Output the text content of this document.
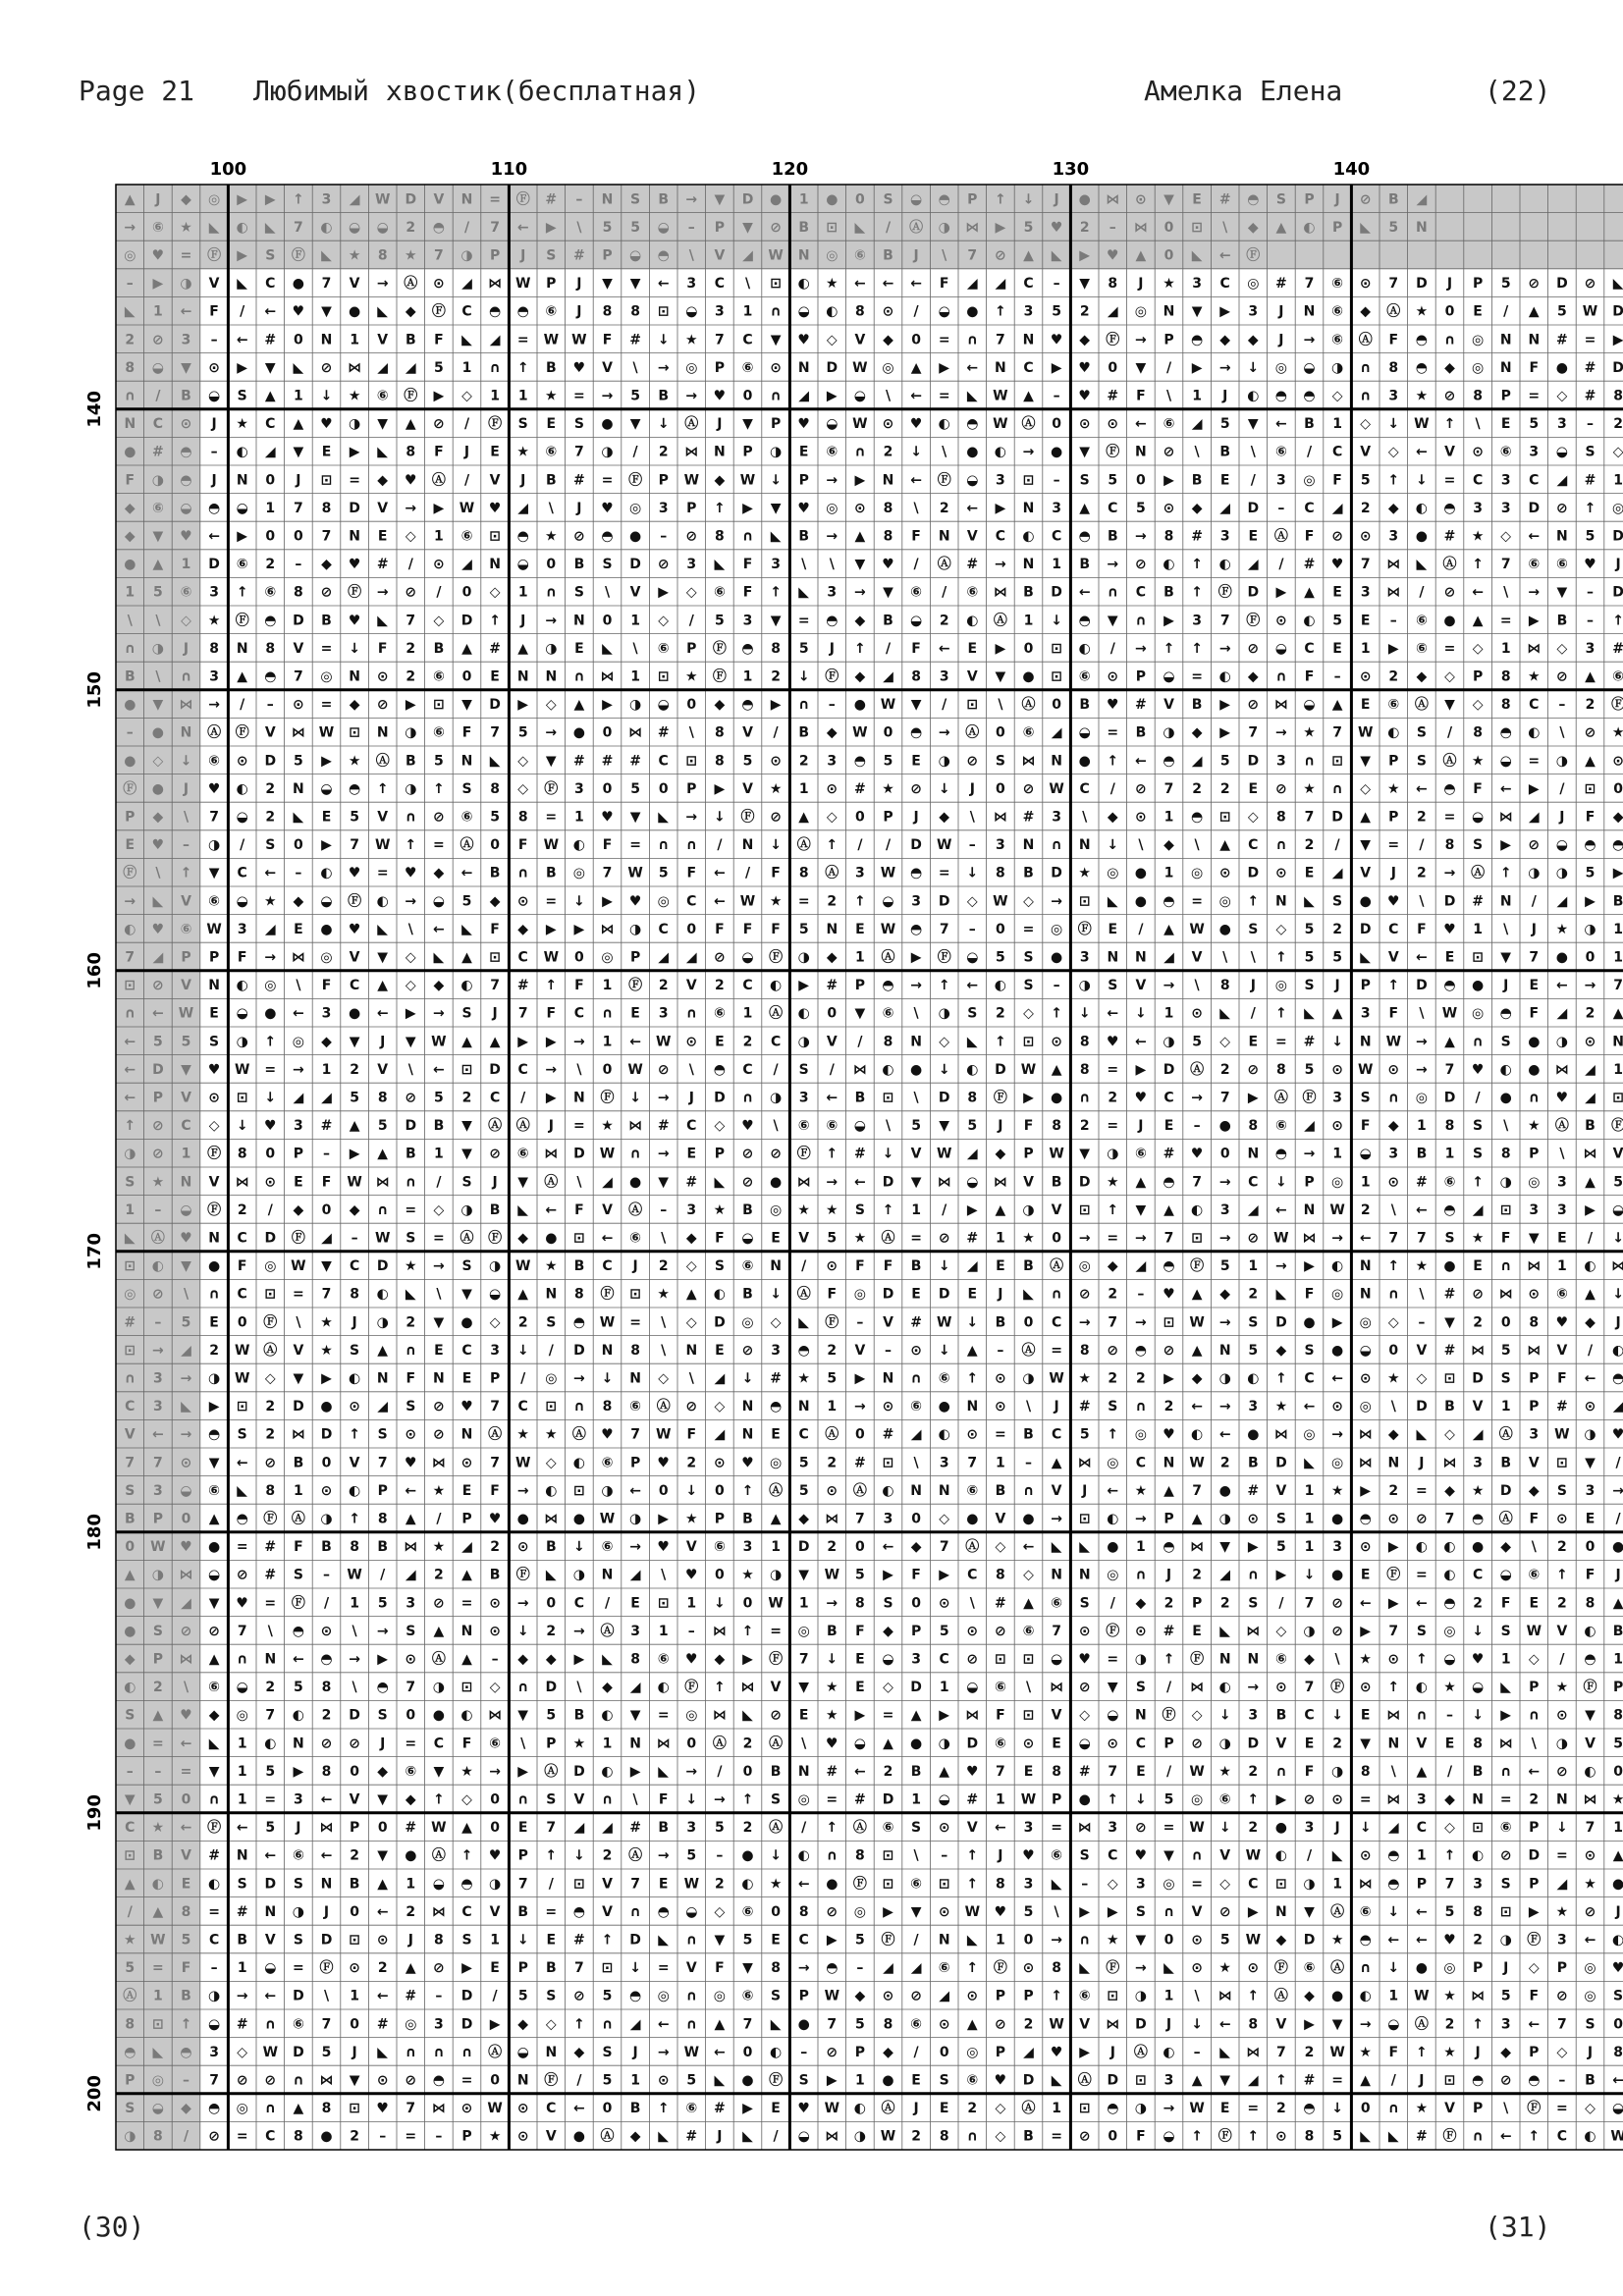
Page 21 Любимый хвостик(бесплатная)	Амелка Елена	(22)
▲ J ◆ ◎ ▶ ▶ ↑ 3 ◢ W D V N = Ⓕ # – N S B → ▼ D ● 1 ● 0 S ◒ ◓ P ↑ ↓ J ● ⋈ ⊙ ▼ E # ◓ S P J ⊘ B ◢
→ ⑥ ★ ◣ ◐ ◣ 7 ◐ ◒ ◒ 2 ◓ / 7 ← ▶ \ 5 5 ◒ – P ▼ ⊘ B ⊡ ◣ / Ⓐ ◑ ⋈ ▶ 5 ♥ 2 – ⋈ 0 ⊡ \ ◆ ▲ ◐ P ◣ 5 N
◎ ♥ = Ⓕ ▶ S Ⓕ ◣ ★ 8 ★ 7 ◑ P J S # P ◒ ◓ \ V ◢ W N ◎ ⑥ B J \ 7 ⊘ ▲ ◣ ▶ ♥ ▲ 0 ◣ ← Ⓕ
– ▶ ◑ V ◣ C ● 7 V → Ⓐ ⊙ ◢ ⋈ W P J ▼ ▼ ← 3 C \ ⊡ ◐ ★ ← ← ← F ◢ ◢ C – ▼ 8 J ★ 3 C ◎ # 7 ⑥ ⊙ 7 D J P 5 ⊘ D ⊘ ◣
◣ 1 ← F / ← ♥ ▼ ● ◣ ◆ Ⓕ C ◓ ◓ ⑥ J 8 8 ⊡ ◒ 3 1 ∩ ◒ ◐ 8 ⊙ / ◒ ● ↑ 3 5 2 ◢ ◎ N ▼ ▶ 3 J N ⑥ ◆ Ⓐ ★ 0 E / ▲ 5 W D
2 ⊘ 3 – ← # 0 N 1 V B F ◣ ◢ = W W F # ↓ ★ 7 C ▼ ♥ ◇ V ◆ 0 = ∩ 7 N ♥ ◆ Ⓕ → P ◓ ◆ ◆ J → ⑥ Ⓐ F ◓ ∩ ◎ N N # = ▶
8 ◒ ▼ ⊙ ▶ ▼ ◣ ⊘ ⋈ ◢ ◢ 5 1 ∩ ↑ B ♥ V \ → ◎ P ⑥ ⊙ N D W ◎ ▲ ▶ ← N C ▶ ♥ 0 ▼ / ▶ → ↓ ◎ ◒ ◑ ∩ 8 ◓ ◆ ◎ N F ● # D
∩ / B ◒ S ▲ 1 ↓ ★ ⑥ Ⓕ ▶ ◇ 1 1 ★ = → 5 B → ♥ 0 ∩ ◢ ▶ ◒ \ ← = ◣ W ▲ – ♥ # F \ 1 J ◐ ◓ ◓ ◇ ∩ 3 ★ ⊘ 8 P = ◇ # 8
N C ⊙ J ★ C ▲ ♥ ◑ ▼ ▲ ⊘ / Ⓕ S E S ● ▼ ↓ Ⓐ J ▼ P ♥ ◒ W ⊙ ♥ ◐ ◓ W Ⓐ 0 ⊙ ⊙ ← ⑥ ◢ 5 ▼ ← B 1 ◇ ↓ W ↑ \ E 5 3 – 2
● # ◓ – ◐ ◢ ▼ E ▶ ◣ 8 F J E ★ ⑥ 7 ◑ / 2 ⋈ N P ◑ E ⑥ ∩ 2 ↓ \ ● ◐ → ● ▼ Ⓕ N ⊘ \ B \ ⑥ / C V ◇ ← V ⊙ ⑥ 3 ◒ S ◇
F ◑ ◓ J N 0 J ⊡ = ◆ ♥ Ⓐ / V J B # = Ⓕ P W ◆ W ↓ P → ▶ N ← Ⓕ ◒ 3 ⊡ – S 5 0 ▶ B E / 3 ◎ F 5 ↑ ↓ = C 3 C ◢ # 1
◆ ⑥ ◒ ◓ ◒ 1 7 8 D V → ▶ W ♥ ◢ \ J ♥ ◎ 3 P ↑ ▶ ▼ ♥ ◎ ⊙ 8 \ 2 ← ▶ N 3 ▲ C 5 ⊙ ◆ ◢ D – C ◢ 2 ◆ ◐ ◓ 3 3 D ⊘ ↑ ◎
◆ ▼ ♥ ← ▶ 0 0 7 N E ◇ 1 ⑥ ⊡ ◓ ★ ⊘ ◓ ● – ⊘ 8 ∩ ◣ B → ▲ 8 F N V C ◐ C ◓ B → 8 # 3 E Ⓐ F ⊘ ⊙ 3 ● # ★ ◇ ← N 5 D
● ▲ 1 D ⑥ 2 – ◆ ♥ # / ⊙ ◢ N ◒ 0 B S D ⊘ 3 ◣ F 3 \ \ ▼ ♥ / Ⓐ # → N 1 B → ⊘ ◐ ↑ ◐ ◢ / # ♥ 7 ⋈ ◣ Ⓐ ↑ 7 ⑥ ⑥ ♥ J
1 5 ⑥ 3 ↑ ⑥ 8 ⊘ Ⓕ → ⊘ / 0 ◇ 1 ∩ S \ V ▶ ◇ ⑥ F ↑ ◣ 3 → ▼ ⑥ / ⑥ ⋈ B D ← ∩ C B ↑ Ⓕ D ▶ ▲ E 3 ⋈ / ⊘ ← \ → ▼ – D
\ \ ◇ ★ Ⓕ ◓ D B ♥ ◣ 7 ◇ D ↑ J → N 0 1 ◇ / 5 3 ▼ = ◓ ◆ B ◒ 2 ◐ Ⓐ 1 ↓ ◓ ▼ ∩ ▶ 3 7 Ⓕ ⊙ ◐ 5 E – ⑥ ● ▲ = ▶ B – ↑
∩ ◑ J 8 N 8 V = ↓ F 2 B ▲ # ▲ ◑ E ◣ \ ⑥ P Ⓕ ◓ 8 5 J ↑ / F ← E ▶ 0 ⊡ ◐ / → ↑ ↑ → ⊘ ◒ C E 1 ▶ ⑥ = ◇ 1 ⋈ ◇ 3 #
B \ ∩ 3 ▲ ◓ 7 ◎ N ⊙ 2 ⑥ 0 E N N ∩ ⋈ 1 ⊡ ★ Ⓕ 1 2 ↓ Ⓕ ◆ ◢ 8 3 V ▼ ● ⊡ ⑥ ⊙ P ◒ = ◐ ◆ ∩ F – ⊙ 2 ◆ ◇ P 8 ★ ⊘ ▲ ⑥
● ▼ ⋈ → / – ⊙ = ◆ ⊘ ▶ ⊡ ▼ D ▶ ◇ ▲ ▶ ◑ ◒ 0 ◆ ◓ ▶ ∩ – ● W ▼ / ⊡ \ Ⓐ 0 B ♥ # V B ▶ ⊘ ⋈ ◒ ▲ E ⑥ Ⓐ ▼ ◇ 8 C – 2 Ⓕ
– ● N Ⓐ Ⓕ V ⋈ W ⊡ N ◑ ⑥ F 7 5 → ● 0 ⋈ # \ 8 V / B ◆ W 0 ◓ → Ⓐ 0 ⑥ ◢ ◒ = B ◑ ◆ ▶ 7 → ★ 7 W ◐ S / 8 ◓ ◐ \ ⊘ ★
● ◇ ↓ ⑥ ⊙ D 5 ▶ ★ Ⓐ B 5 N ◣ ◇ ▼ # # # C ⊡ 8 5 ⊙ 2 3 ◓ 5 E ◑ ⊘ S ⋈ N ● ↑ ← ◓ ◢ 5 D 3 ∩ ⊡ ▼ P S Ⓐ ★ ◒ = ◑ ▲ ⊙
Ⓕ ● J ♥ ◐ 2 N ◒ ◓ ↑ ◑ ↑ S 8 ◇ Ⓕ 3 0 5 0 P ▶ V ★ 1 ⊙ # ★ ⊘ ↓ J 0 ⊘ W C / ⊘ 7 2 2 E ⊘ ★ ∩ ◇ ★ ← ◓ F ← ▶ / ⊡ 0
P ◆ \ 7 ◒ 2 ◣ E 5 V ∩ ⊘ ⑥ 5 8 = 1 ♥ ▼ ◣ → ↓ Ⓕ ⊘ ▲ ◇ 0 P J ◆ \ ⋈ # 3 \ ◆ ⊙ 1 ◓ ⊡ ◇ 8 7 D ▲ P 2 = ◒ ⋈ ◢ J F ◆
E ♥ – ◑ / S 0 ▶ 7 W ↑ = Ⓐ 0 F W ◐ F = ∩ ∩ / N ↓ Ⓐ ↑ / / D W – 3 N ∩ N ↓ \ ◆ \ ▲ C ∩ 2 / ▼ = / 8 S ▶ ⊘ ◒ ◓ ◓
Ⓕ \ ↑ ▼ C ← – ◐ ♥ = ♥ ◆ ← B ∩ B ◎ 7 W 5 F ← / F 8 Ⓐ 3 W ◓ = ↓ 8 B D ★ ◎ ● 1 ◎ ⊙ D ⊙ E ◢ V J 2 → Ⓐ ↑ ◑ ◑ 5 ▶
→ ◣ V ⑥ ◒ ★ ◆ ◒ Ⓕ ◐ → ◒ 5 ◆ ⊙ = ↓ ▶ ♥ ◎ C ← W ★ = 2 ↑ ◒ 3 D ◇ W ◇ → ⊡ ◣ ● ◓ = ◎ ↑ N ◣ S ● ♥ \ D # N / ◢ ▶ B
◐ ♥ ⑥ W 3 ◢ E ● ♥ ◣ \ ← ◣ F ◆ ▶ ▶ ⋈ ◑ C 0 F F F 5 N E W ◓ 7 – 0 = ◎ Ⓕ E / ▲ W ● S ◇ 5 2 D C F ♥ 1 \ J ★ ◑ 1
7 ◢ P P F → ⋈ ◎ V ▼ ◇ ◣ ▲ ⊡ C W 0 ◎ P ◢ ◢ ⊘ ◒ Ⓕ ◑ ◆ 1 Ⓐ ▶ Ⓕ ◒ 5 S ● 3 N N ◢ V \ \ ↑ 5 5 ◣ V ← E ⊡ ▼ 7 ● 0 1
⊡ ⊘ V N ◐ ◎ \ F C ▲ ◇ ◆ ◐ 7 # ↑ F 1 Ⓕ 2 V 2 C ◐ ▶ # P ◓ → ↑ ← ◐ S – ◑ S V → \ 8 J ◎ S J P ↑ D ◓ ● J E ← → 7
∩ ← W E ◒ ● ← 3 ● ← ▶ → S J 7 F C ∩ E 3 ∩ ⑥ 1 Ⓐ ◐ 0 ▼ ⑥ \ ◑ S 2 ◇ ↑ ↓ ← ↓ 1 ⊙ ◣ / ↑ ◣ ▲ 3 F \ W ◎ ◓ F ◢ 2 ▲
← 5 5 S ◑ ↑ ◎ ◆ ▼ J ▼ W ▲ ▲ ▶ ▶ → 1 ← W ⊙ E 2 C ◑ V / 8 N ◇ ◣ ↑ ⊡ ⊙ 8 ♥ ← ◑ 5 ◇ E = # ↓ N W → ▲ ∩ S ● ◑ ⊙ N
← D ▼ ♥ W = → 1 2 V \ ← ⊡ D C → \ 0 W ⊘ \ ◓ C / S / ⋈ ◐ ● ↓ ◐ D W ▲ 8 = ▶ D Ⓐ 2 ⊘ 8 5 ⊙ W ⊙ → 7 ♥ ◐ ● ⋈ ◢ 1
← P V ⊙ ⊡ ↓ ◢ ◢ 5 8 ⊘ 5 2 C / ▶ N Ⓕ ↓ → J D ∩ ◑ 3 ← B ⊡ \ D 8 Ⓕ ▶ ● ∩ 2 ♥ C → 7 ▶ Ⓐ Ⓕ 3 S ∩ ◎ D / ● ∩ ♥ ◢ ⊡
↑ ⊘ C ◇ ↓ ♥ 3 # ▲ 5 D B ▼ Ⓐ Ⓐ J = ★ ⋈ # C ◇ ♥ \ ⑥ ⑥ ◒ \ 5 ▼ 5 J F 8 2 = J E – ● 8 ⑥ ◢ ⊙ F ◆ 1 8 S \ ★ Ⓐ B Ⓕ
◑ ⊘ 1 Ⓕ 8 0 P – ▶ ▲ B 1 ▼ ⊘ ⑥ ⋈ D W ∩ → E P ⊘ ⊘ Ⓕ ↑ # ↓ V W ◢ ◆ P W ▼ ◑ ⑥ # ♥ 0 N ◓ → 1 ◒ 3 B 1 S 8 P \ ⋈ V
S ★ N V ⋈ ⊙ E F W ⋈ ∩ / S J ▼ Ⓐ \ ◢ ● ▼ # ◣ ⊘ ● ⋈ → ← D ▼ ⋈ ◒ ⋈ V B D ★ ▲ ◓ 7 → C ↓ P ◎ 1 ⊙ # ⑥ ↑ ◑ ◎ 3 ▲ 5
1 – ◒ Ⓕ 2 / ◆ 0 ◆ ∩ = ◇ ◑ B ◣ ← F V Ⓐ – 3 ★ B ◎ ★ ★ S ↑ 1 / ▶ ▲ ◑ V ⊡ ↑ ▼ ▲ ◐ 3 ◢ ← N W 2 \ ← ◓ ◢ ⊡ 3 3 ▶ ◒
◣ Ⓐ ♥ N C D Ⓕ ◢ – W S = Ⓐ Ⓕ ◆ ● ⊡ ← ⑥ \ ◆ F ◒ E V 5 ★ Ⓐ = ⊘ # 1 ★ 0 → = → 7 ⊡ → ⊘ W ⋈ → ← 7 7 S ★ F ▼ E / ↓
⊡ ◐ ▼ ● F ◎ W ▼ C D ★ → S ◑ W ★ B C J 2 ◇ S ⑥ N / ⊙ F F B ↓ ◢ E B Ⓐ ◎ ◆ ◢ ◓ Ⓕ 5 1 → ▶ ◐ N ↑ ★ ● E ∩ ⋈ 1 ◐ ⋈
◎ ⊘ \ ∩ C ⊡ = 7 8 ◐ ◣ \ ▼ ◒ ▲ N 8 Ⓕ ⊡ ★ ▲ ◐ B ↓ Ⓐ F ◎ D E D E J ◣ ∩ ⊘ 2 – ♥ ▲ ◆ 2 ◣ F ◎ N ∩ \ # ⊘ ⋈ ⊙ ⑥ ▲ ↓
# – 5 E 0 Ⓕ \ ★ J ◑ 2 ▼ ● ◇ 2 S ◓ W = \ ◇ D ◎ ◇ ◣ Ⓕ – V # W ↓ B 0 C → 7 → ⊡ W → S D ● ▶ ◎ ◇ – ▼ 2 0 8 ♥ ◆ J
⊡ → ◢ 2 W Ⓐ V ★ S ▲ ∩ E C 3 ↓ / D N 8 \ N E ⊘ 3 ◓ 2 V – ⊙ ↓ ▲ – Ⓐ = 8 ⊘ ◓ ⊘ ▲ N 5 ◆ S ● ◒ 0 V # ⋈ 5 ⋈ V / ◐
∩ 3 → ◑ W ◇ ▼ ▶ ◐ N F N E P / ◎ → ↓ N ◇ \ ◢ ↓ # ★ 5 ▶ N ∩ ⑥ ↑ ⊙ ◑ W ★ 2 2 ▶ ◆ ◑ ◐ ↑ C ← ⊙ ★ ◇ ⊡ D S P F ← ◓
C 3 ◣ ▶ ⊡ 2 D ● ⊙ ◢ S ⊘ ♥ 7 C ⊡ ∩ 8 ⑥ Ⓐ ⊘ ◇ N ◓ N 1 → ⊙ ⑥ ● N ⊙ \ J # S ∩ 2 ← → 3 ★ ← ⊙ ◎ \ D B V 1 P # ⊙ ◢
V ← → ◓ S 2 ⋈ D ↑ S ⊙ ⊘ N Ⓐ ★ ★ Ⓐ ♥ 7 W F ◢ N E C Ⓐ 0 # ◢ ◐ ⊙ = B C 5 ↑ ◎ ♥ ◐ ← ● ⋈ ◎ → ⋈ ◆ ◣ ◇ ◢ Ⓐ 3 W ◑ ♥
7 7 ⊙ ▼ ← ⊘ B 0 V 7 ♥ ⋈ ⊙ 7 W ◇ ◐ ⑥ P ♥ 2 ⊙ ♥ ◎ 5 2 # ⊡ \ 3 7 1 – ▲ ⋈ ◎ C N W 2 B D ◣ ◎ ⋈ N J ⋈ 3 B V ⊡ ▼ /
S 3 ◒ ⑥ ◣ 8 1 ⊙ ◐ P ← ★ E F → ◐ ⊡ ◑ ← 0 ↓ 0 ↑ Ⓐ 5 ⊙ Ⓐ ◐ N N ⑥ B ∩ V J ← ★ ▲ 7 ● # V 1 ★ ▶ 2 = ◆ ★ D ◆ S 3 →
B P 0 ▲ ◓ Ⓕ Ⓐ ◑ ↑ 8 ▲ / P ♥ ● ⋈ ● W ◑ ▶ ★ P B ▲ ◆ ⋈ 7 3 0 ◇ ● V ● → ⊡ ◐ → P ▲ ◑ ⊙ S 1 ● ◓ ⊙ ⊘ 7 ◓ Ⓐ F ⊙ E /
0 W ♥ ● = # F B 8 B ⋈ ★ ◢ 2 ⊙ B ↓ ⑥ → ♥ V ⑥ 3 1 D 2 0 ← ◆ 7 Ⓐ ◇ ← ◣ ◣ ● 1 ◓ ⋈ ▼ ▶ 5 1 3 ⊙ ▶ ◐ ◐ ● ◆ \ 2 0 ●
▲ ◑ ⋈ ◒ ⊘ # S – W / ◢ 2 ▲ B Ⓕ ◣ ◑ N ◢ \ ♥ 0 ★ ◑ ▼ W 5 ▶ F ▶ C 8 ◇ N N ◎ ∩ J 2 ◢ ∩ ▶ ↓ ● E Ⓕ = ◐ C ◒ ⑥ ↑ F J
● ▼ ◢ ▼ ♥ = Ⓕ / 1 5 3 ⊘ = ⊙ → 0 C / E ⊡ 1 ↓ 0 W 1 → 8 S 0 ⊙ \ # ▲ ⑥ S / ◆ 2 P 2 S / 7 ⊘ ← ▶ ← ◓ 2 F E 2 8 ▲
● S ⊘ ⊘ 7 \ ◓ ⊙ \ → S ▲ N ⊙ ↓ 2 → Ⓐ 3 1 – ⋈ ↑ = ◎ B F ◆ P 5 ⊙ ⊘ ⑥ 7 ⊙ Ⓕ ⊙ # E ◣ ⋈ ◇ ◑ ⊘ ▶ 7 S ◎ ↓ S W V ◐ B
◆ P ⋈ ▲ ∩ N ← ◓ → ▶ ⊙ Ⓐ ▲ – ◆ ◆ ▶ ◣ 8 ⑥ ♥ ◆ ▶ Ⓕ 7 ↓ E ◒ 3 C ⊘ ⊡ ⊡ ◒ ♥ = ◑ ↑ Ⓕ N N ⑥ ◆ \ ★ ⊙ ↑ ◒ ♥ 1 ◇ / ◓ 1
◐ 2 \ ⑥ ◒ 2 5 8 \ ◓ 7 ◑ ⊡ ◇ ∩ D \ ◆ ◢ ◐ Ⓕ ↑ ⋈ V ▼ ★ E ◇ D 1 ◒ ⑥ \ ⋈ ⊘ ▼ S / ⋈ ◐ → ⊙ 7 Ⓕ ⊙ ↑ ◐ ★ ◒ ◣ P ★ Ⓕ P
S ▲ ♥ ◆ ◎ 7 ◐ 2 D S 0 ● ◐ ⋈ ▼ 5 B ◐ ▼ = ◎ ⋈ ◣ ⊘ E ★ ▶ = ▲ ▶ ⋈ F ⊡ V ◇ ◒ N Ⓕ ◇ ↓ 3 B C ↓ E ⋈ ∩ – ↓ ▶ ∩ ⊙ ▼ 8
● = ← ◣ 1 ◐ N ⊘ ⊘ J = C F ⑥ \ P ★ 1 N ⋈ 0 Ⓐ 2 Ⓐ \ ♥ ◒ ▲ ● ◑ D ⑥ ⊙ E ◒ ⊙ C P ⊘ ◑ D V E 2 ▼ N V E 8 ⋈ \ ◑ V 5
– – = ▼ 1 5 ▶ 8 0 ◆ ⑥ ▼ ★ → ▶ Ⓐ D ◐ ▶ ◣ → / 0 B N # ← 2 B ▲ ♥ 7 E 8 # 7 E / W ★ 2 ∩ F ◑ 8 \ ▲ / B ∩ ← ⊘ ◐ 0
▼ 5 0 ∩ 1 = 3 ← V ▼ ◆ ↑ ◇ 0 ∩ S V ∩ \ F ↓ → ↑ S ◎ = # D 1 ◒ # 1 W P ● ↑ ↓ 5 ◎ ⑥ ↑ ▶ ⊘ ⊙ = ⋈ 3 ◆ N = 2 N ⋈ ★
C ★ ← Ⓕ ← 5 J ⋈ P 0 # W ▲ 0 E 7 ◢ ◢ # B 3 5 2 Ⓐ / ↑ Ⓐ ⑥ S ⊙ V ← 3 = ⋈ 3 ⊘ = W ↓ 2 ● 3 J ↓ ◢ C ◇ ⊡ ⑥ P ↓ 7 1
⊡ B V # N ← ⑥ ← 2 ▼ ● Ⓐ ↑ ♥ P ↑ ↓ 2 Ⓐ → 5 – ● ↓ ◐ ∩ 8 ⊡ \ – ↑ J ♥ ⑥ S C ♥ ▼ ∩ V W ◐ / ◣ ⊙ ◓ 1 ↑ ◐ ⊘ D = ⊙ ▲
▲ ◐ E ◐ S D S N B ▲ 1 ◒ ◓ ◑ 7 / ⊡ V 7 E W 2 ◐ ★ ← ● Ⓕ ⊡ ⑥ ⊡ ↑ 8 3 ◣ – ◇ 3 ◎ = ◇ C ⊡ ◑ 1 ⋈ ◓ P 7 3 S P ◢ ★ ●
/ ▲ 8 = # N ◑ J 0 ← 2 ⋈ C V B = ◓ V ∩ ◓ ◒ ◇ ⑥ 0 8 ⊘ ◎ ▶ ▼ ⊙ W ♥ 5 \ ▶ ▶ S ∩ V ⊘ ▶ N ▼ Ⓐ ⑥ ↓ ← 5 8 ⊡ ▶ ★ ⊘ J
★ W 5 C B V S D ⊡ ⊙ J 8 S 1 ↓ E # ↑ D ◣ ∩ ▼ 5 E C ▶ 5 Ⓕ / N ◣ 1 0 → ∩ ★ ▼ 0 ⊙ 5 W ◆ D ★ ◓ ← ← ♥ 2 ◑ Ⓕ 3 ← ◐
5 = F – 1 ◒ = Ⓕ ⊙ 2 ▲ ⊘ ▶ E P B 7 ⊡ ↓ = V F ▼ 8 → ◓ – ◢ ◢ ⑥ ↑ Ⓕ ⊙ 8 ◣ Ⓕ → ◣ ⊙ ★ ⊙ Ⓕ ⑥ Ⓐ ∩ ↓ ● ◎ P J ◇ P ◎ ♥
Ⓐ 1 B ◑ → ← D \ 1 ← # – D / 5 S ⊘ 5 ◓ ◎ ∩ ◎ ⑥ S P W ◆ ⊙ ⊘ ◢ ⊙ P P ↑ ⑥ ⊡ ◑ 1 \ ⋈ ↑ Ⓐ ◆ ● ◐ 1 W ★ ⋈ 5 F ⊘ ◎ S
8 ⊡ ↑ ◒ # ∩ ⑥ 7 0 # ◎ 3 D ▶ ◆ ◇ ↑ ∩ ◢ ← ∩ ▲ 7 ◣ ● 7 5 8 ⑥ ⊙ ▲ ⊘ 2 W V ⋈ D J ↓ ← 8 V ▶ ▼ → ◒ Ⓐ 2 ↑ 3 ← 7 S 0
◓ ◣ ◓ 3 ◇ W D 5 J ◣ ∩ ∩ ∩ Ⓐ ◒ N ◆ S J → W ← 0 ◐ – ⊘ P ◆ / 0 ◎ P ◢ ♥ ▶ J Ⓐ ◐ – ◣ ⋈ 7 2 W ★ F ↑ ★ J ◆ P ◇ J 8
P ◎ – 7 ⊘ ⊘ ∩ ⋈ ▼ ⊙ ⊘ ◓ = 0 N Ⓕ / 5 1 ⊙ 5 ◣ ● Ⓕ S ▶ 1 ● E S ⑥ ♥ D ◣ Ⓐ D ⊡ 3 ▲ ▼ ◢ ↑ # = ▲ / J ⊡ ◓ ⊘ ◓ – B ←
S ◒ ◆ ◓ ◎ ∩ ▲ 8 ⊡ ♥ 7 ⋈ ⊙ W ⊙ C ← 0 B ↑ ⑥ # ▶ E ♥ W ◐ Ⓐ J E 2 ◇ Ⓐ 1 ⊡ ◓ ◑ → W E = 2 ◓ ↓ 0 ∩ ★ V P \ Ⓕ = ◇ ◒
◑ 8 / ⊘ = C 8 ● 2 – = – P ★ ⊙ V ● Ⓐ ◆ ◣ # J ◣ / ◒ ⋈ ◑ W 2 8 ∩ ◇ B = ⊘ 0 F ◒ ↑ Ⓕ ↑ ⊙ 8 5 ◣ ◣ # Ⓕ ∩ ← ↑ C ◐ W
100	110	120	130	140
140
150
160
170
180
190
200
(30)	(31)
